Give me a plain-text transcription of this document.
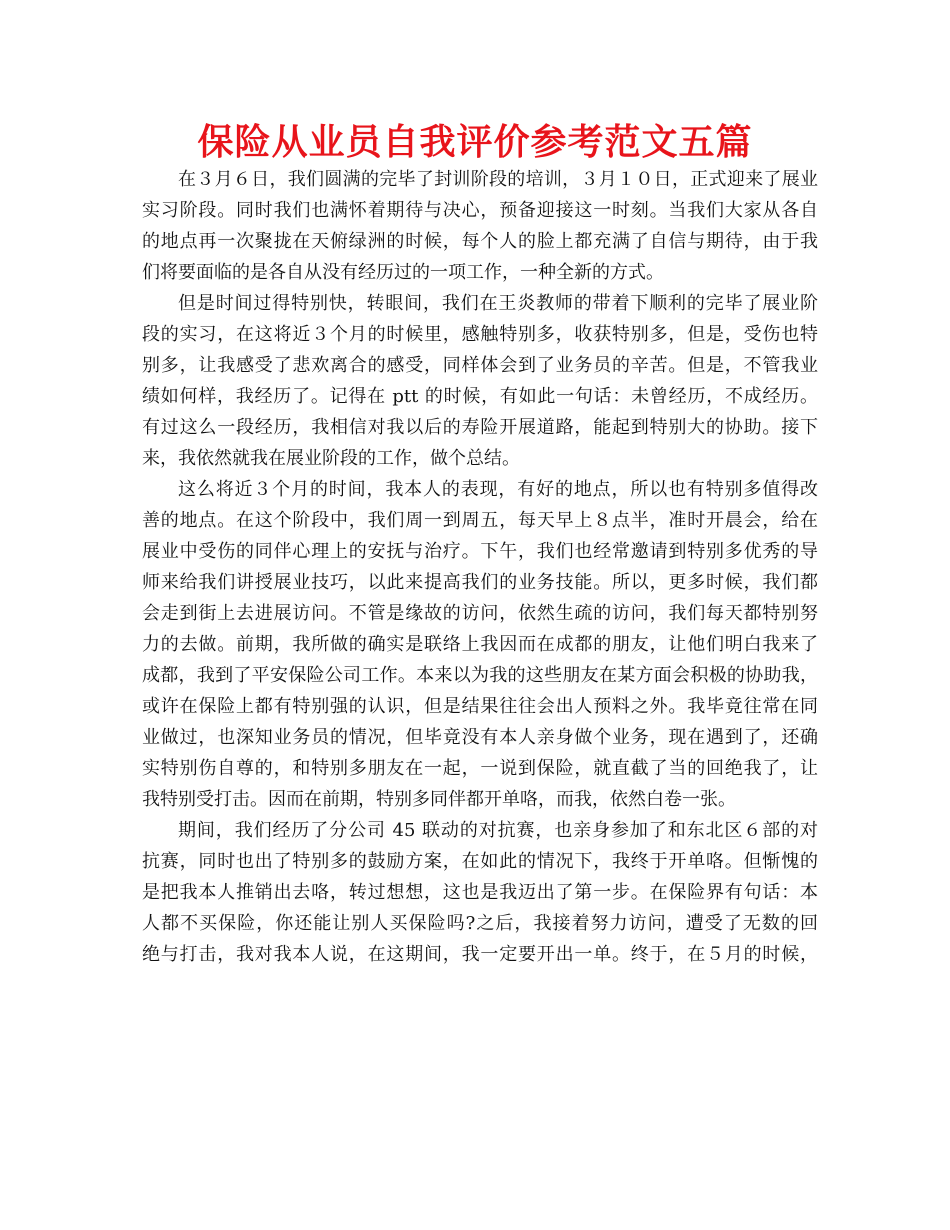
保险从业员自我评价参考范文五篇
在３月６日，我们圆满的完毕了封训阶段的培训，３月１０日，正式迎来了展业
实习阶段。同时我们也满怀着期待与决心，预备迎接这一时刻。当我们大家从各自
的地点再一次聚拢在天俯绿洲的时候，每个人的脸上都充满了自信与期待，由于我
们将要面临的是各自从没有经历过的一项工作，一种全新的方式。
但是时间过得特别快，转眼间，我们在王炎教师的带着下顺利的完毕了展业阶
段的实习，在这将近３个月的时候里，感触特别多，收获特别多，但是，受伤也特
别多，让我感受了悲欢离合的感受，同样体会到了业务员的辛苦。但是，不管我业
绩如何样，我经历了。记得在 ptt 的时候，有如此一句话：未曾经历，不成经历。
有过这么一段经历，我相信对我以后的寿险开展道路，能起到特别大的协助。接下
来，我依然就我在展业阶段的工作，做个总结。
这么将近３个月的时间，我本人的表现，有好的地点，所以也有特别多值得改
善的地点。在这个阶段中，我们周一到周五，每天早上８点半，准时开晨会，给在
展业中受伤的同伴心理上的安抚与治疗。下午，我们也经常邀请到特别多优秀的导
师来给我们讲授展业技巧，以此来提高我们的业务技能。所以，更多时候，我们都
会走到街上去进展访问。不管是缘故的访问，依然生疏的访问，我们每天都特别努
力的去做。前期，我所做的确实是联络上我因而在成都的朋友，让他们明白我来了
成都，我到了平安保险公司工作。本来以为我的这些朋友在某方面会积极的协助我，
或许在保险上都有特别强的认识，但是结果往往会出人预料之外。我毕竟往常在同
业做过，也深知业务员的情况，但毕竟没有本人亲身做个业务，现在遇到了，还确
实特别伤自尊的，和特别多朋友在一起，一说到保险，就直截了当的回绝我了，让
我特别受打击。因而在前期，特别多同伴都开单咯，而我，依然白卷一张。
期间，我们经历了分公司 45 联动的对抗赛，也亲身参加了和东北区６部的对
抗赛，同时也出了特别多的鼓励方案，在如此的情况下，我终于开单咯。但惭愧的
是把我本人推销出去咯，转过想想，这也是我迈出了第一步。在保险界有句话：本
人都不买保险，你还能让别人买保险吗?之后，我接着努力访问，遭受了无数的回
绝与打击，我对我本人说，在这期间，我一定要开出一单。终于，在５月的时候，
